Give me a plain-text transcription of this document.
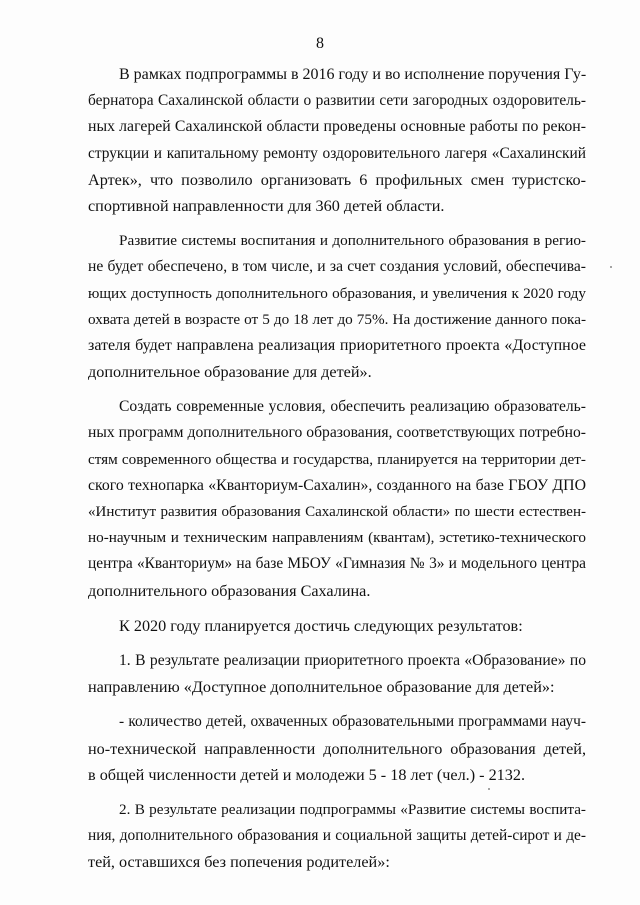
8
В рамках подпрограммы в 2016 году и во исполнение поручения Гу-
бернатора Сахалинской области о развитии сети загородных оздоровитель-
ных лагерей Сахалинской области проведены основные работы по рекон-
струкции и капитальному ремонту оздоровительного лагеря «Сахалинский
Артек», что позволило организовать 6 профильных смен туристско-
спортивной направленности для 360 детей области.
Развитие системы воспитания и дополнительного образования в регио-
не будет обеспечено, в том числе, и за счет создания условий, обеспечива-
ющих доступность дополнительного образования, и увеличения к 2020 году
охвата детей в возрасте от 5 до 18 лет до 75%. На достижение данного пока-
зателя будет направлена реализация приоритетного проекта «Доступное
дополнительное образование для детей».
Создать современные условия, обеспечить реализацию образователь-
ных программ дополнительного образования, соответствующих потребно-
стям современного общества и государства, планируется на территории дет-
ского технопарка «Кванториум-Сахалин», созданного на базе ГБОУ ДПО
«Институт развития образования Сахалинской области» по шести естествен-
но-научным и техническим направлениям (квантам), эстетико-технического
центра «Кванториум» на базе МБОУ «Гимназия № 3» и модельного центра
дополнительного образования Сахалина.
К 2020 году планируется достичь следующих результатов:
1. В результате реализации приоритетного проекта «Образование» по
направлению «Доступное дополнительное образование для детей»:
- количество детей, охваченных образовательными программами науч-
но-технической направленности дополнительного образования детей,
в общей численности детей и молодежи 5 - 18 лет (чел.) - 2132.
2. В результате реализации подпрограммы «Развитие системы воспита-
ния, дополнительного образования и социальной защиты детей-сирот и де-
тей, оставшихся без попечения родителей»:
